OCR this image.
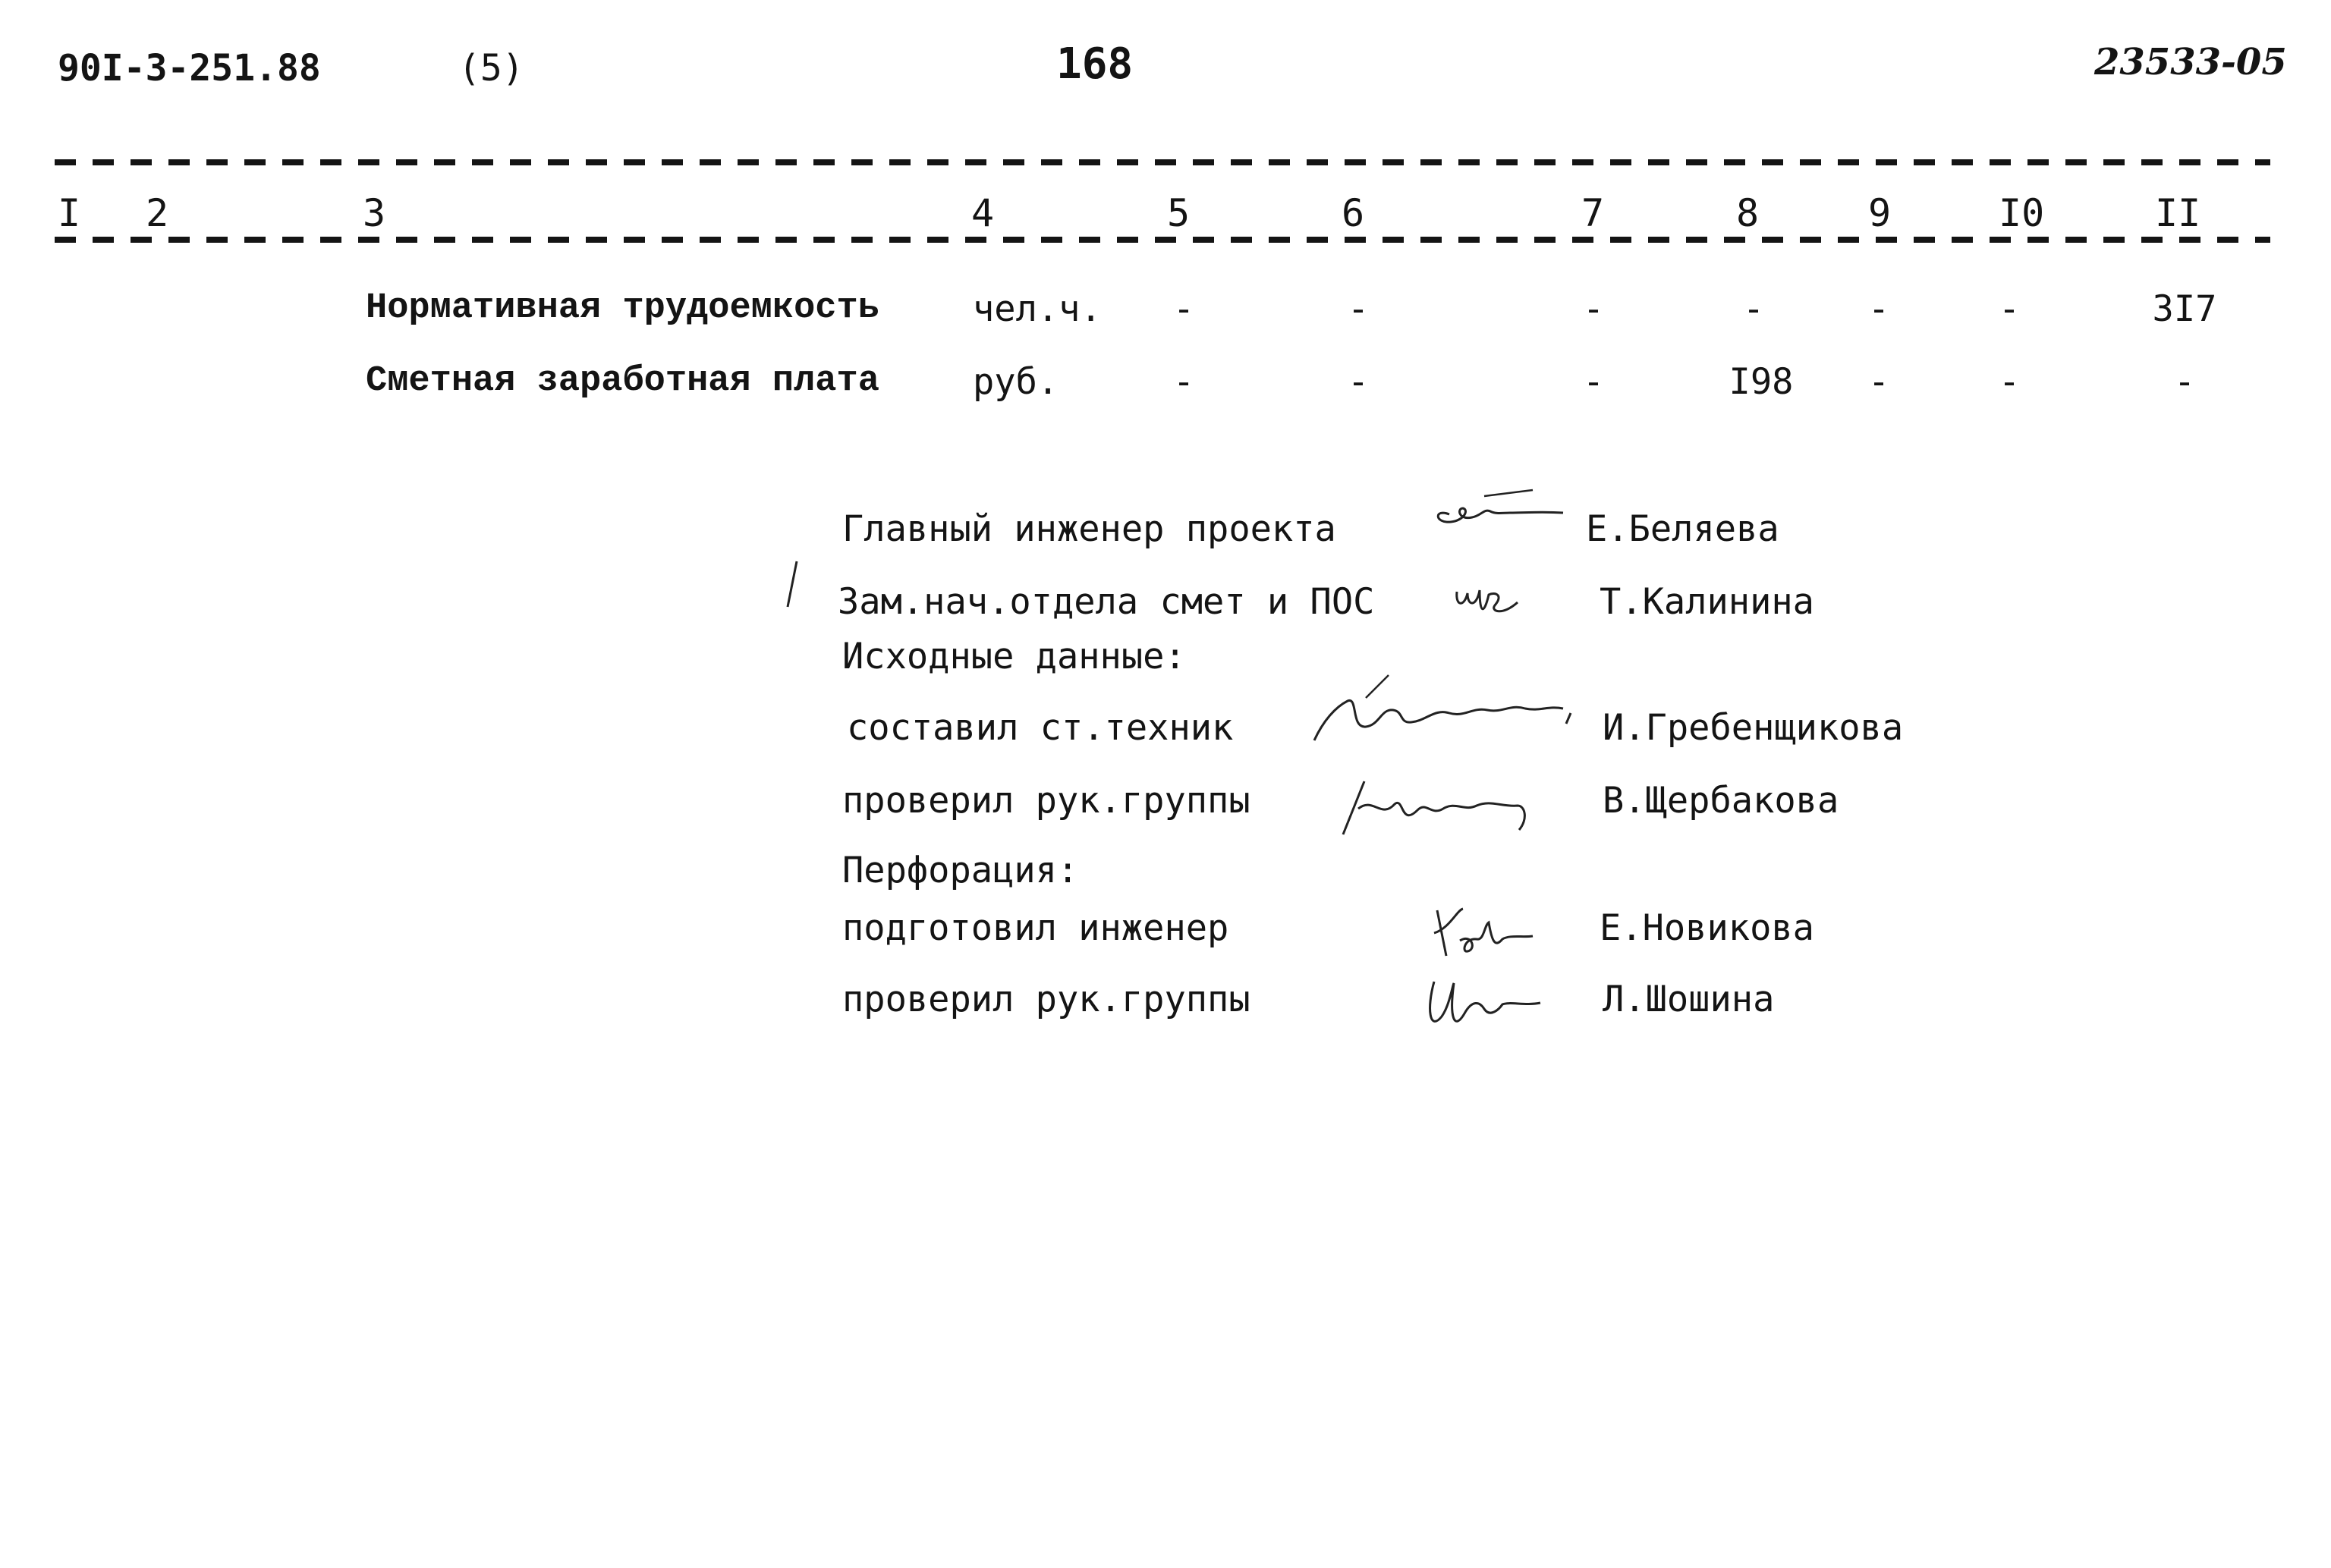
90I-3-251.88	(5)	168	23533-05
I 2	3	4	5	6	7	8	9	I0	II
Нормативная трудоемкость	чел.ч.	-	-	-	-	-	-	3I7
Сметная заработная плата	руб.	-	-	-	I98	-	-	-
Главный инженер проекта	Е.Беляева
Зам.нач.отдела смет и ПОС	Т.Калинина
Исходные данные:
составил ст.техник	И.Гребенщикова
проверил рук.группы	В.Щербакова
Перфорация:
подготовил инженер	Е.Новикова
проверил рук.группы	Л.Шошина
